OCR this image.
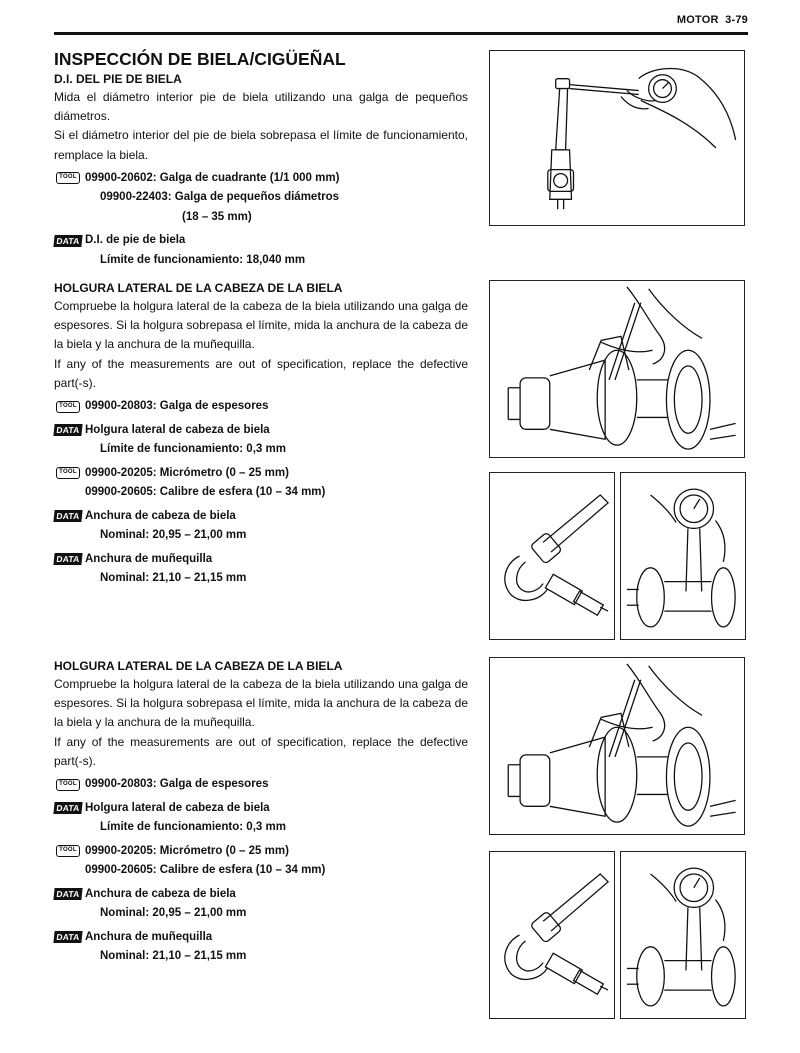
MOTOR 3-79
INSPECCIÓN DE BIELA/CIGÜEÑAL
D.I. DEL PIE DE BIELA

Mida el diámetro interior pie de biela utilizando una galga de pequeños diámetros.

Si el diámetro interior del pie de biela sobrepasa el límite de funcionamiento, remplace la biela.

TOOL 09900-20602: Galga de cuadrante (1/1 000 mm)
09900-22403: Galga de pequeños diámetros
(18 – 35 mm)
DATA D.I. de pie de biela
Límite de funcionamiento: 18,040 mm
HOLGURA LATERAL DE LA CABEZA DE LA BIELA

Compruebe la holgura lateral de la cabeza de la biela utilizando una galga de espesores. Si la holgura sobrepasa el límite, mida la anchura de la cabeza de la biela y la anchura de la muñequilla.

If any of the measurements are out of specification, replace the defective part(-s).

TOOL 09900-20803: Galga de espesores
DATA Holgura lateral de cabeza de biela
Límite de funcionamiento: 0,3 mm
TOOL 09900-20205: Micrómetro (0 – 25 mm)
09900-20605: Calibre de esfera (10 – 34 mm)
DATA Anchura de cabeza de biela
Nominal: 20,95 – 21,00 mm
DATA Anchura de muñequilla
Nominal: 21,10 – 21,15 mm
HOLGURA LATERAL DE LA CABEZA DE LA BIELA

Compruebe la holgura lateral de la cabeza de la biela utilizando una galga de espesores. Si la holgura sobrepasa el límite, mida la anchura de la cabeza de la biela y la anchura de la muñequilla.

If any of the measurements are out of specification, replace the defective part(-s).

TOOL 09900-20803: Galga de espesores
DATA Holgura lateral de cabeza de biela
Límite de funcionamiento: 0,3 mm
TOOL 09900-20205: Micrómetro (0 – 25 mm)
09900-20605: Calibre de esfera (10 – 34 mm)
DATA Anchura de cabeza de biela
Nominal: 20,95 – 21,00 mm
DATA Anchura de muñequilla
Nominal: 21,10 – 21,15 mm
